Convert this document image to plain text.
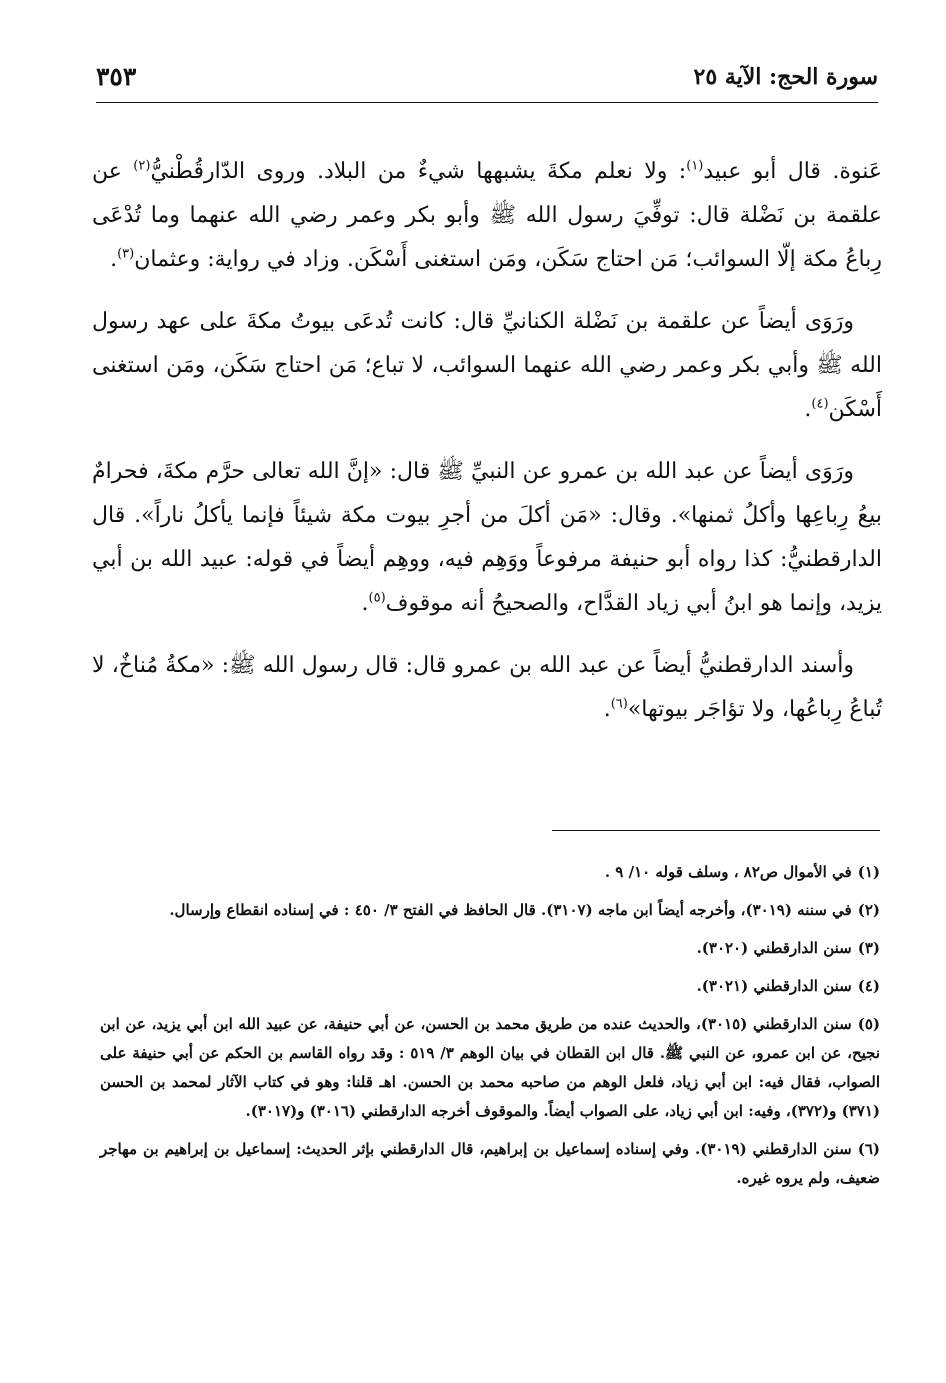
سورة الحج: الآية ٢٥
٣٥٣

عَنوة. قال أبو عبيد$^{(١)}$: ولا نعلم مكةَ يشبهها شيءٌ من البلاد. وروى الدّارقُطْنيُّ$^{(٢)}$ عن علقمة بن نَضْلة قال: توفِّيَ رسول الله ﷺ وأبو بكر وعمر رضي الله عنهما وما تُدْعَى رِباعُ مكة إلّا السوائب؛ مَن احتاج سَكَن، ومَن استغنى أَسْكَن. وزاد في رواية: وعثمان$^{(٣)}$.

ورَوَى أيضاً عن علقمة بن نَضْلة الكنانيِّ قال: كانت تُدعَى بيوتُ مكةَ على عهد رسول الله ﷺ وأبي بكر وعمر رضي الله عنهما السوائب، لا تباع؛ مَن احتاج سَكَن، ومَن استغنى أَسْكَن$^{(٤)}$.

ورَوَى أيضاً عن عبد الله بن عمرو عن النبيِّ ﷺ قال: «إنَّ الله تعالى حرَّم مكةَ، فحرامٌ بيعُ رِباعِها وأكلُ ثمنها». وقال: «مَن أكلَ من أجرِ بيوت مكة شيئاً فإنما يأكلُ ناراً». قال الدارقطنيُّ: كذا رواه أبو حنيفة مرفوعاً ووَهِم فيه، ووهِم أيضاً في قوله: عبيد الله بن أبي يزيد، وإنما هو ابنُ أبي زياد القدَّاح، والصحيحُ أنه موقوف$^{(٥)}$.

وأسند الدارقطنيُّ أيضاً عن عبد الله بن عمرو قال: قال رسول الله ﷺ: «مكةُ مُناخٌ، لا تُباعُ رِباعُها، ولا تؤاجَر بيوتها»$^{(٦)}$.

(١)في الأموال ص٨٢ ، وسلف قوله ١٠/ ٩ .
(٢)في سننه (٣٠١٩)، وأخرجه أيضاً ابن ماجه (٣١٠٧). قال الحافظ في الفتح ٣/ ٤٥٠ : في إسناده انقطاع وإرسال.
(٣)سنن الدارقطني (٣٠٢٠).
(٤)سنن الدارقطني (٣٠٢١).
(٥)سنن الدارقطني (٣٠١٥)، والحديث عنده من طريق محمد بن الحسن، عن أبي حنيفة، عن عبيد الله ابن أبي يزيد، عن ابن نجيح، عن ابن عمرو، عن النبي ﷺ. قال ابن القطان في بيان الوهم ٣/ ٥١٩ : وقد رواه القاسم بن الحكم عن أبي حنيفة على الصواب، فقال فيه: ابن أبي زياد، فلعل الوهم من صاحبه محمد بن الحسن. اهـ قلنا: وهو في كتاب الآثار لمحمد بن الحسن (٣٧١) و(٣٧٢)، وفيه: ابن أبي زياد، على الصواب أيضاً. والموقوف أخرجه الدارقطني (٣٠١٦) و(٣٠١٧).
(٦)سنن الدارقطني (٣٠١٩). وفي إسناده إسماعيل بن إبراهيم، قال الدارقطني بإثر الحديث: إسماعيل بن إبراهيم بن مهاجر ضعيف، ولم يروه غيره.
